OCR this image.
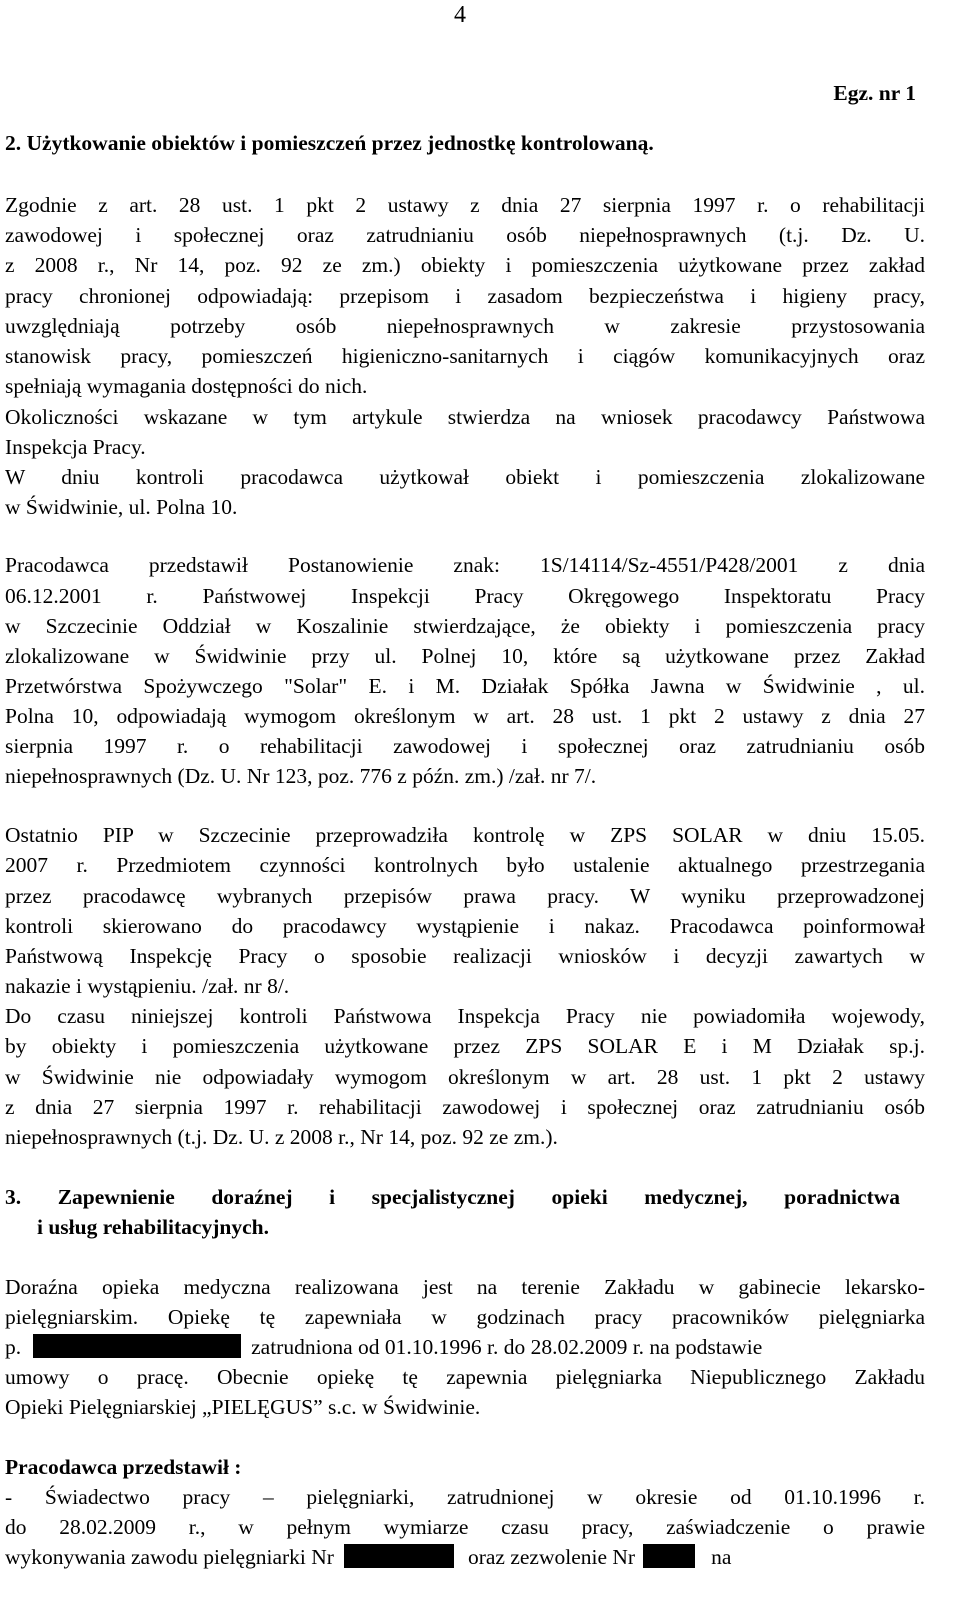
4
Egz. nr 1
2. Użytkowanie obiektów i pomieszczeń przez jednostkę kontrolowaną.
Zgodnie z art. 28 ust. 1 pkt 2 ustawy z dnia 27 sierpnia 1997 r. o rehabilitacji
zawodowej i społecznej oraz zatrudnianiu osób niepełnosprawnych (t.j. Dz. U.
z 2008 r., Nr 14, poz. 92 ze zm.) obiekty i pomieszczenia użytkowane przez zakład
pracy chronionej odpowiadają: przepisom i zasadom bezpieczeństwa i higieny pracy,
uwzględniają potrzeby osób niepełnosprawnych w zakresie przystosowania
stanowisk pracy, pomieszczeń higieniczno-sanitarnych i ciągów komunikacyjnych oraz
spełniają wymagania dostępności do nich.
Okoliczności wskazane w tym artykule stwierdza na wniosek pracodawcy Państwowa
Inspekcja Pracy.
W dniu kontroli pracodawca użytkował obiekt i pomieszczenia zlokalizowane
w Świdwinie, ul. Polna 10.
Pracodawca przedstawił Postanowienie znak: 1S/14114/Sz-4551/P428/2001 z dnia
06.12.2001 r. Państwowej Inspekcji Pracy Okręgowego Inspektoratu Pracy
w Szczecinie Oddział w Koszalinie stwierdzające, że obiekty i pomieszczenia pracy
zlokalizowane w Świdwinie przy ul. Polnej 10, które są użytkowane przez Zakład
Przetwórstwa Spożywczego "Solar" E. i M. Działak Spółka Jawna w Świdwinie , ul.
Polna 10, odpowiadają wymogom określonym w art. 28 ust. 1 pkt 2 ustawy z dnia 27
sierpnia 1997 r. o rehabilitacji zawodowej i społecznej oraz zatrudnianiu osób
niepełnosprawnych (Dz. U. Nr 123, poz. 776 z późn. zm.) /zał. nr 7/.
Ostatnio PIP w Szczecinie przeprowadziła kontrolę w ZPS SOLAR w dniu 15.05.
2007 r. Przedmiotem czynności kontrolnych było ustalenie aktualnego przestrzegania
przez pracodawcę wybranych przepisów prawa pracy. W wyniku przeprowadzonej
kontroli skierowano do pracodawcy wystąpienie i nakaz. Pracodawca poinformował
Państwową Inspekcję Pracy o sposobie realizacji wniosków i decyzji zawartych w
nakazie i wystąpieniu. /zał. nr 8/.
Do czasu niniejszej kontroli Państwowa Inspekcja Pracy nie powiadomiła wojewody,
by obiekty i pomieszczenia użytkowane przez ZPS SOLAR E i M Działak sp.j.
w Świdwinie nie odpowiadały wymogom określonym w art. 28 ust. 1 pkt 2 ustawy
z dnia 27 sierpnia 1997 r. rehabilitacji zawodowej i społecznej oraz zatrudnianiu osób
niepełnosprawnych (t.j. Dz. U. z 2008 r., Nr 14, poz. 92 ze zm.).
3. Zapewnienie doraźnej i specjalistycznej opieki medycznej, poradnictwa
i usług rehabilitacyjnych.
Doraźna opieka medyczna realizowana jest na terenie Zakładu w gabinecie lekarsko-
pielęgniarskim. Opiekę tę zapewniała w godzinach pracy pracowników pielęgniarka
p.	zatrudniona od 01.10.1996 r. do 28.02.2009 r. na podstawie
umowy o pracę. Obecnie opiekę tę zapewnia pielęgniarka Niepublicznego Zakładu
Opieki Pielęgniarskiej „PIELĘGUS” s.c. w Świdwinie.
Pracodawca przedstawił :
- Świadectwo pracy – pielęgniarki, zatrudnionej w okresie od 01.10.1996 r.
do 28.02.2009 r., w pełnym wymiarze czasu pracy, zaświadczenie o prawie
wykonywania zawodu pielęgniarki Nr	oraz zezwolenie Nr	na
